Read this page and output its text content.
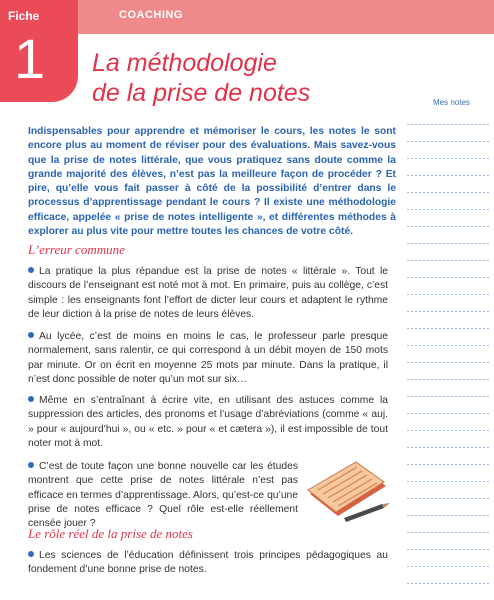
COACHING
Fiche
1 La méthodologie
de la prise de notes	Mes notes

Indispensables pour apprendre et mémoriser le cours, les notes le sont encore plus au moment de réviser pour des évaluations. Mais savez-vous que la prise de notes littérale, que vous pratiquez sans doute comme la grande majorité des élèves, n’est pas la meilleure façon de procéder ? Et pire, qu’elle vous fait passer à côté de la possibilité d’entrer dans le processus d’apprentissage pendant le cours ? Il existe une méthodologie efficace, appelée « prise de notes intelligente », et différentes méthodes à explorer au plus vite pour mettre toutes les chances de votre côté.

L’erreur commune

La pratique la plus répandue est la prise de notes « littérale ». Tout le discours de l’enseignant est noté mot à mot. En primaire, puis au collège, c’est simple : les enseignants font l’effort de dicter leur cours et adaptent le rythme de leur diction à la prise de notes de leurs élèves.

Au lycée, c’est de moins en moins le cas, le professeur parle presque normalement, sans ralentir, ce qui correspond à un débit moyen de 150 mots par minute. Or on écrit en moyenne 25 mots par minute. Dans la pratique, il n’est donc possible de noter qu’un mot sur six…

Même en s’entraînant à écrire vite, en utilisant des astuces comme la suppression des articles, des pronoms et l’usage d’abréviations (comme « auj. » pour « aujourd’hui », ou « etc. » pour « et cætera »), il est impossible de tout noter mot à mot.

C’est de toute façon une bonne nouvelle car les études montrent que cette prise de notes littérale n’est pas efficace en termes d’apprentissage. Alors, qu’est-ce qu’une prise de notes efficace ? Quel rôle est-elle réellement censée jouer ?

Le rôle réel de la prise de notes

Les sciences de l’éducation définissent trois principes pédagogiques au fondement d’une bonne prise de notes.
